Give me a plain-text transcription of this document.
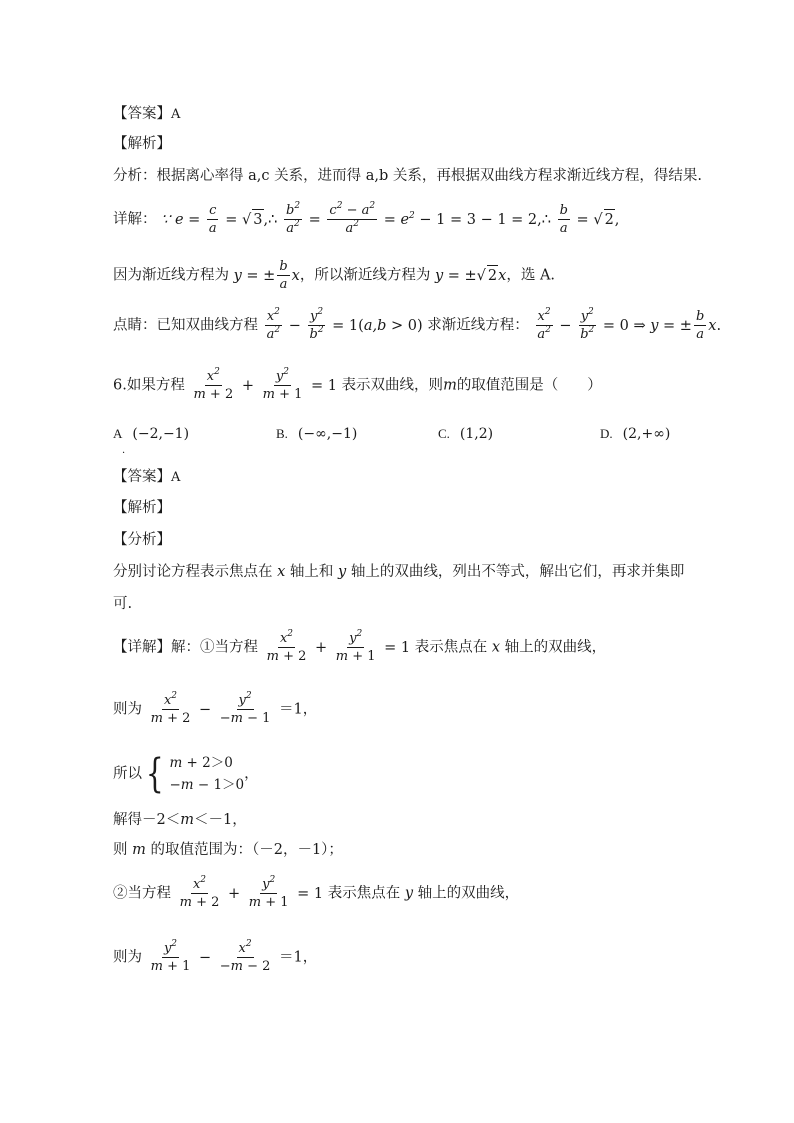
【答案】A
【解析】
分析：根据离心率得 a,c 关系，进而得 a,b 关系，再根据双曲线方程求渐近线方程，得结果.
详解： ∵ $e = \frac{c}{a}$ = √ 3 ,∴ $\frac{b^2}{a^2} = \frac{c^2 - a^2}{a^2} = e^2 - 1 = 3 - 1$ = 2,∴ $\frac{b}{a}$ = √ 2 ,
因为渐近线方程为 y = ± $\frac{b}{a}$ x，所以渐近线方程为 y = ± √ 2 x，选 A.
点睛：已知双曲线方程 $\frac{x^2}{a^2} - \frac{y^2}{b^2} = 1(a,b > 0)$ 求渐近线方程： $\frac{x^2}{a^2} - \frac{y^2}{b^2} = 0$ ⇒ y = ± $\frac{b}{a} x$.
6.如果方程 $\frac{x^2}{m + 2} + \frac{y^2}{m + 1} = 1$ 表示双曲线，则m的取值范围是（　　）
A (−2,−1)
·
B. (−∞,−1)	C. (1,2)	D. (2,+∞)
【答案】A
【解析】
【分析】
分别讨论方程表示焦点在 x 轴上和 y 轴上的双曲线，列出不等式，解出它们，再求并集即
可.
【详解】解：①当方程 $\frac{x^2}{m + 2} + \frac{y^2}{m + 1} = 1$ 表示焦点在 x 轴上的双曲线，
则为 $\frac{x^2}{m + 2} - \frac{y^2}{-m - 1} =1$，
所以 { m + 2＞0
−m − 1＞0
，
解得－2＜m＜－1，
则 m 的取值范围为：（－2，－1）；
②当方程 $\frac{x^2}{m + 2} + \frac{y^2}{m + 1} = 1$ 表示焦点在 y 轴上的双曲线，
则为 $\frac{y^2}{m + 1} - \frac{x^2}{-m - 2} =1$，
